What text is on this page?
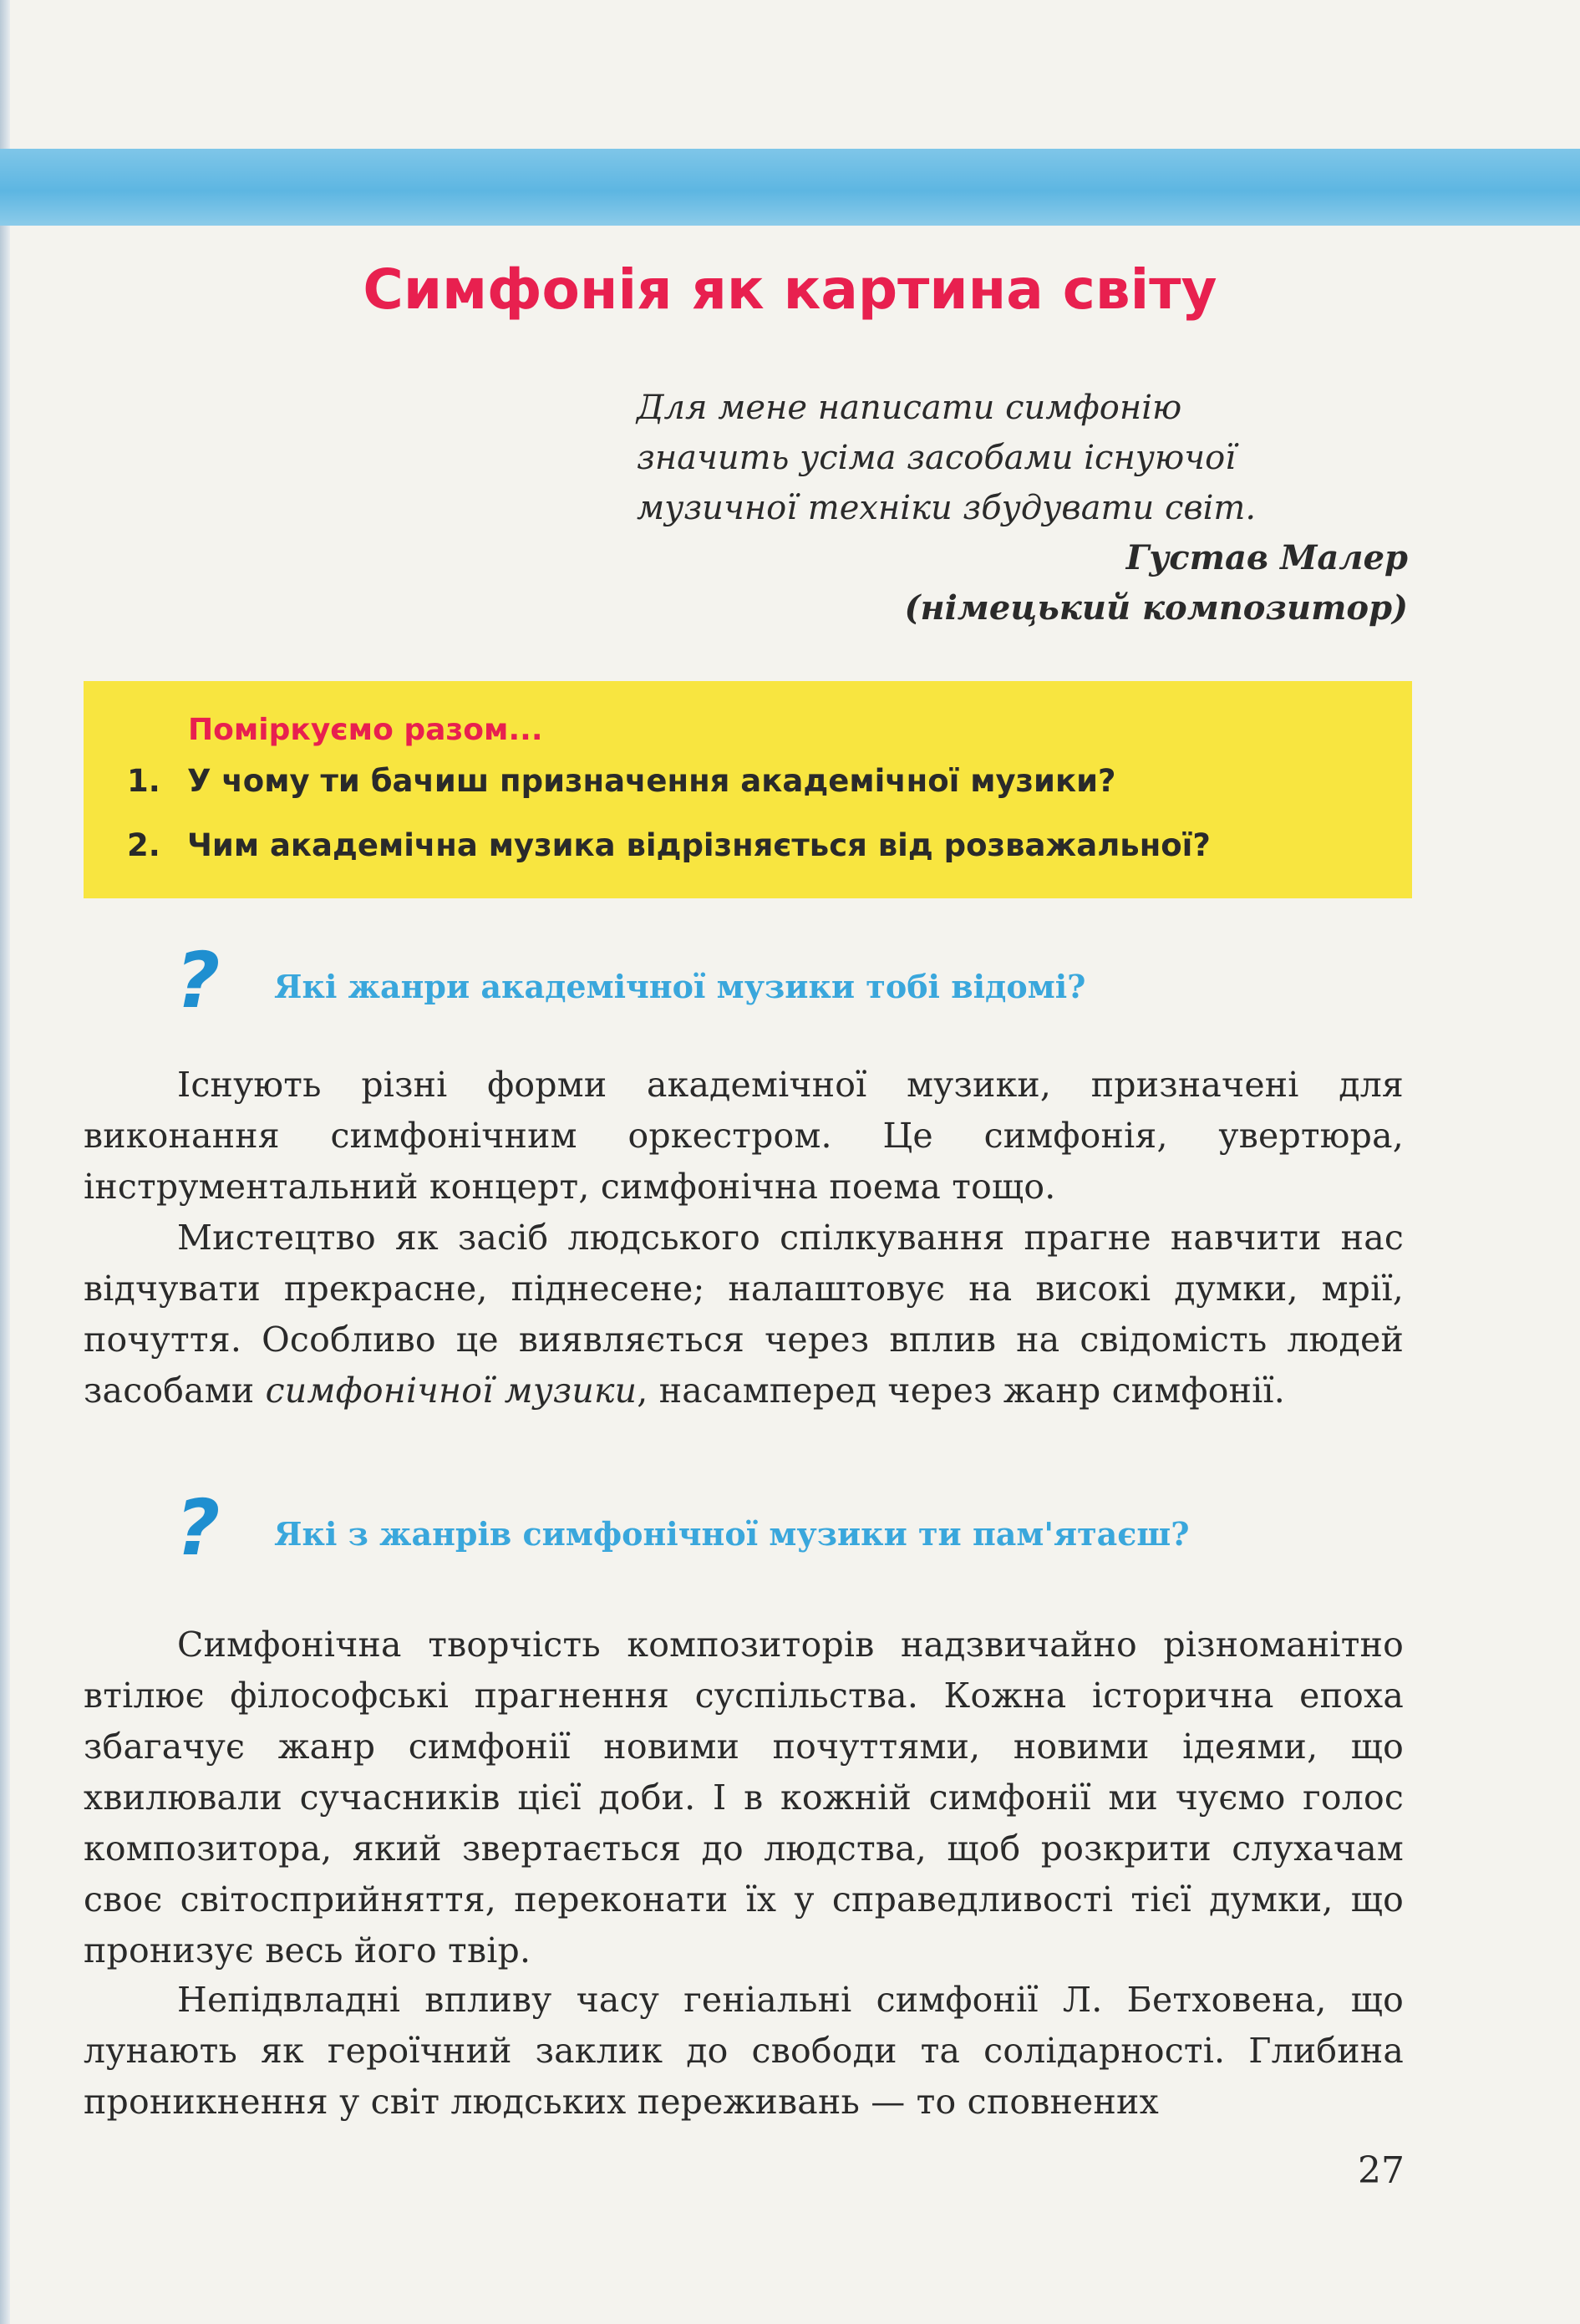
Симфонія як картина світу
Для мене написати симфонію
значить усіма засобами існуючої
музичної техніки збудувати світ.
Густав Малер
(німецький композитор)
Поміркуємо разом...
1. У чому ти бачиш призначення академічної музики?
2. Чим академічна музика відрізняється від розважальної?
? Які жанри академічної музики тобі відомі?

Існують різні форми академічної музики, призначені для виконання симфонічним оркестром. Це симфонія, увертюра, інструментальний концерт, симфонічна поема тощо.

Мистецтво як засіб людського спілкування прагне навчити нас відчувати прекрасне, піднесене; налаштовує на високі думки, мрії, почуття. Особливо це виявляється через вплив на свідомість людей засобами симфонічної музики, насамперед через жанр симфонії.

? Які з жанрів симфонічної музики ти пам'ятаєш?

Симфонічна творчість композиторів надзвичайно різноманітно втілює філософські прагнення суспільства. Кожна історична епоха збагачує жанр симфонії новими почуттями, новими ідеями, що хвилювали сучасників цієї доби. І в кожній симфонії ми чуємо голос композитора, який звертається до людства, щоб розкрити слухачам своє світосприйняття, переконати їх у справедливості тієї думки, що пронизує весь його твір.

Непідвладні впливу часу геніальні симфонії Л. Бетховена, що лунають як героїчний заклик до свободи та солідарності. Глибина проникнення у світ людських переживань — то сповнених

27
